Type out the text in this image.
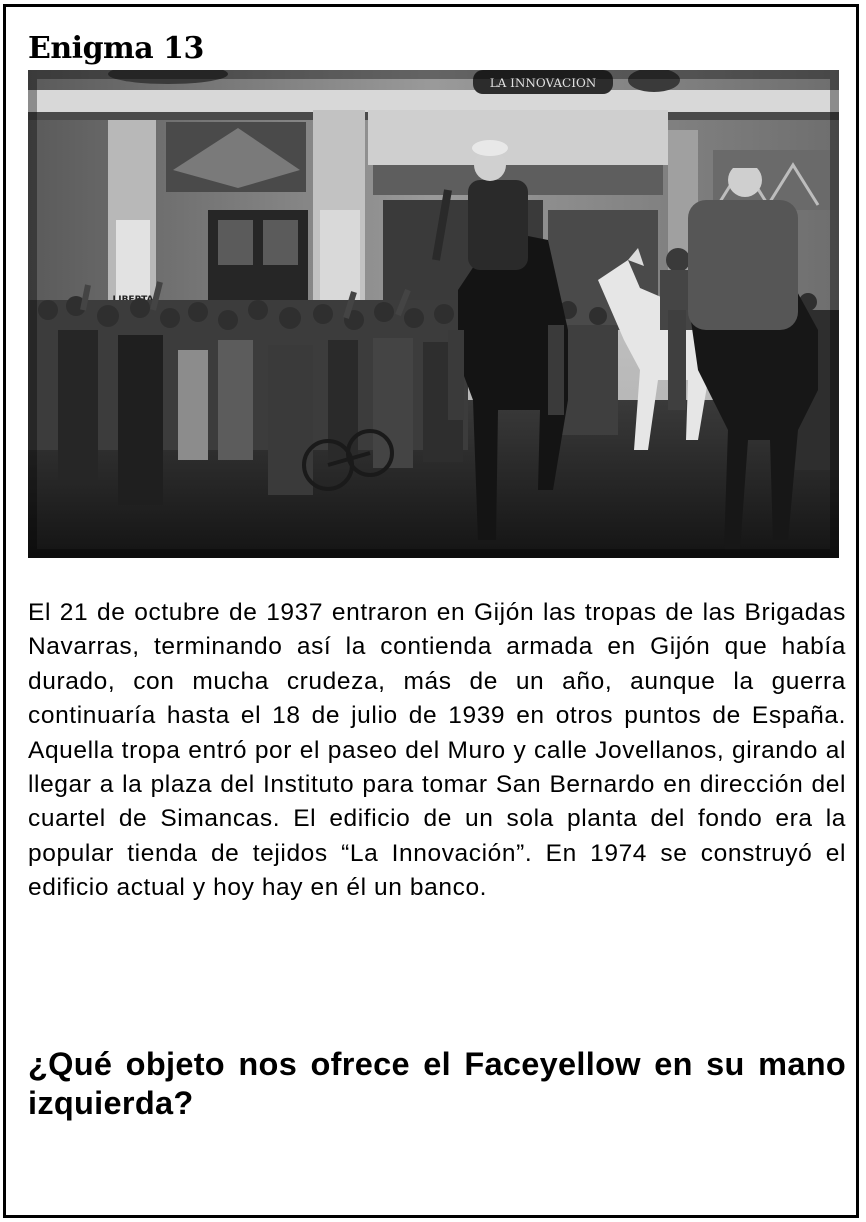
Enigma 13
LA INNOVACION

El 21 de octubre de 1937 entraron en Gijón las tropas de las Brigadas Navarras, terminando así la contienda armada en Gijón que había durado, con mucha crudeza, más de un año, aunque la guerra continuaría hasta el 18 de julio de 1939 en otros puntos de España. Aquella tropa entró por el paseo del Muro y calle Jovellanos, girando al llegar a la plaza del Instituto para tomar San Bernardo en dirección del cuartel de Simancas. El edificio de un sola planta del fondo era la popular tienda de tejidos “La Innovación”. En 1974 se construyó el edificio actual y hoy hay en él un banco.

¿Qué objeto nos ofrece el Faceyellow en su mano izquierda?
